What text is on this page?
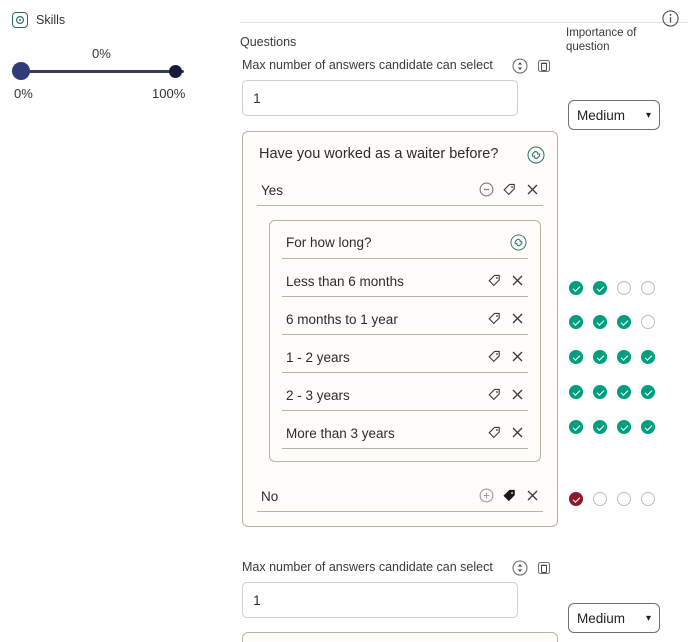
Skills
0%
0%	100%
Questions
Max number of answers candidate can select
1
Have you worked as a waiter before?
Yes
For how long?
Less than 6 months
6 months to 1 year
1 - 2 years
2 - 3 years
More than 3 years
No
Max number of answers candidate can select
1
Importance of question
Medium ▾
Medium ▾
